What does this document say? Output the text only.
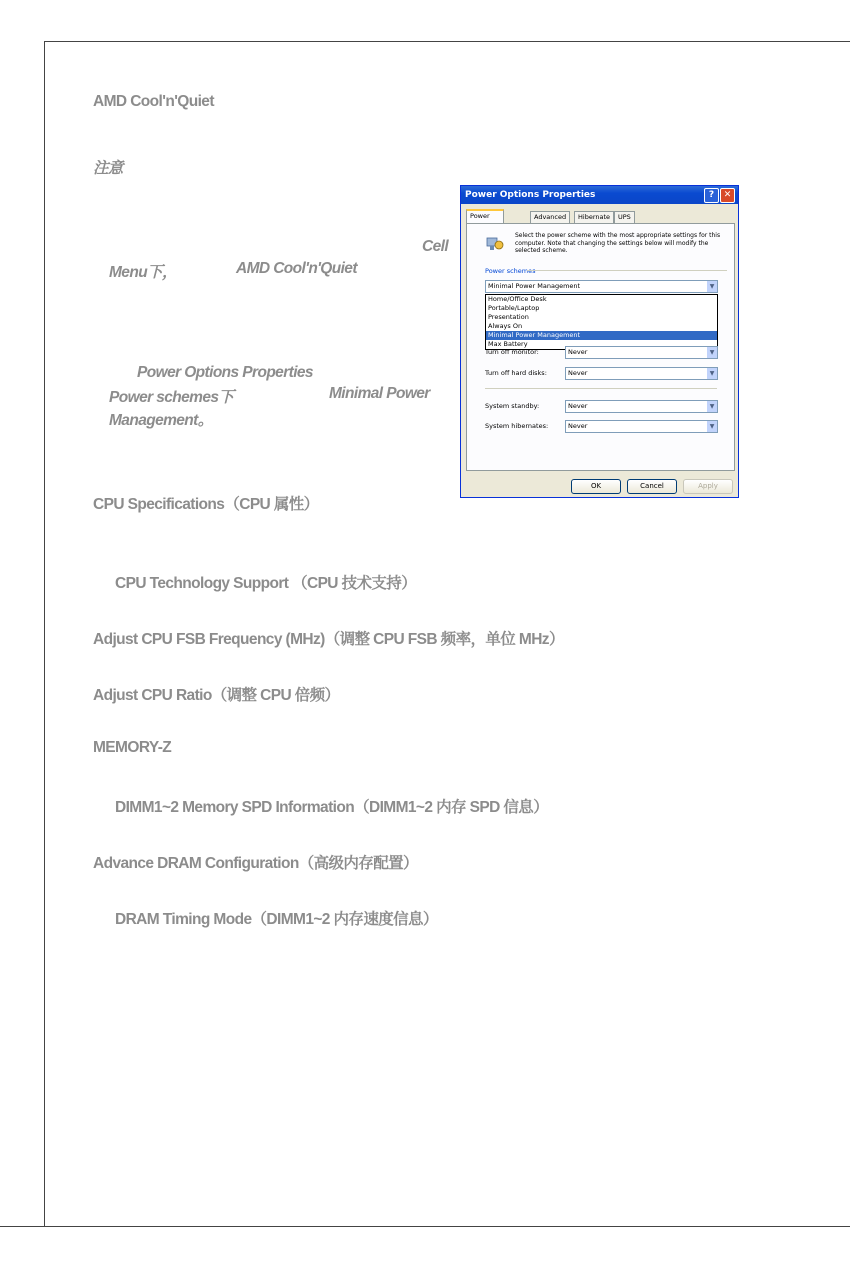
AMD Cool'n'Quiet
注意
Cell
Menu下，	AMD Cool'n'Quiet
Power Options Properties
Power schemes下	Minimal Power
Management。
CPU Specifications（CPU 属性）
CPU Technology Support （CPU 技术支持）
Adjust CPU FSB Frequency (MHz)（调整 CPU FSB 频率，单位 MHz）
Adjust CPU Ratio（调整 CPU 倍频）
MEMORY-Z
DIMM1~2 Memory SPD Information（DIMM1~2 内存 SPD 信息）
Advance DRAM Configuration（高级内存配置）
DRAM Timing Mode（DIMM1~2 内存速度信息）
Power Options Properties	?	✕
Power	Advanced	Hibernate	UPS
Select the power scheme with the most appropriate settings for this computer. Note that changing the settings below will modify the selected scheme.
Power schemes
Minimal Power Management	▼
Home/Office Desk
Portable/Laptop
Presentation
Always On
Minimal Power Management
Max Battery
Turn off monitor:	Never	▼
Turn off hard disks:	Never	▼
System standby:	Never	▼
System hibernates:	Never	▼
OK	Cancel	Apply
